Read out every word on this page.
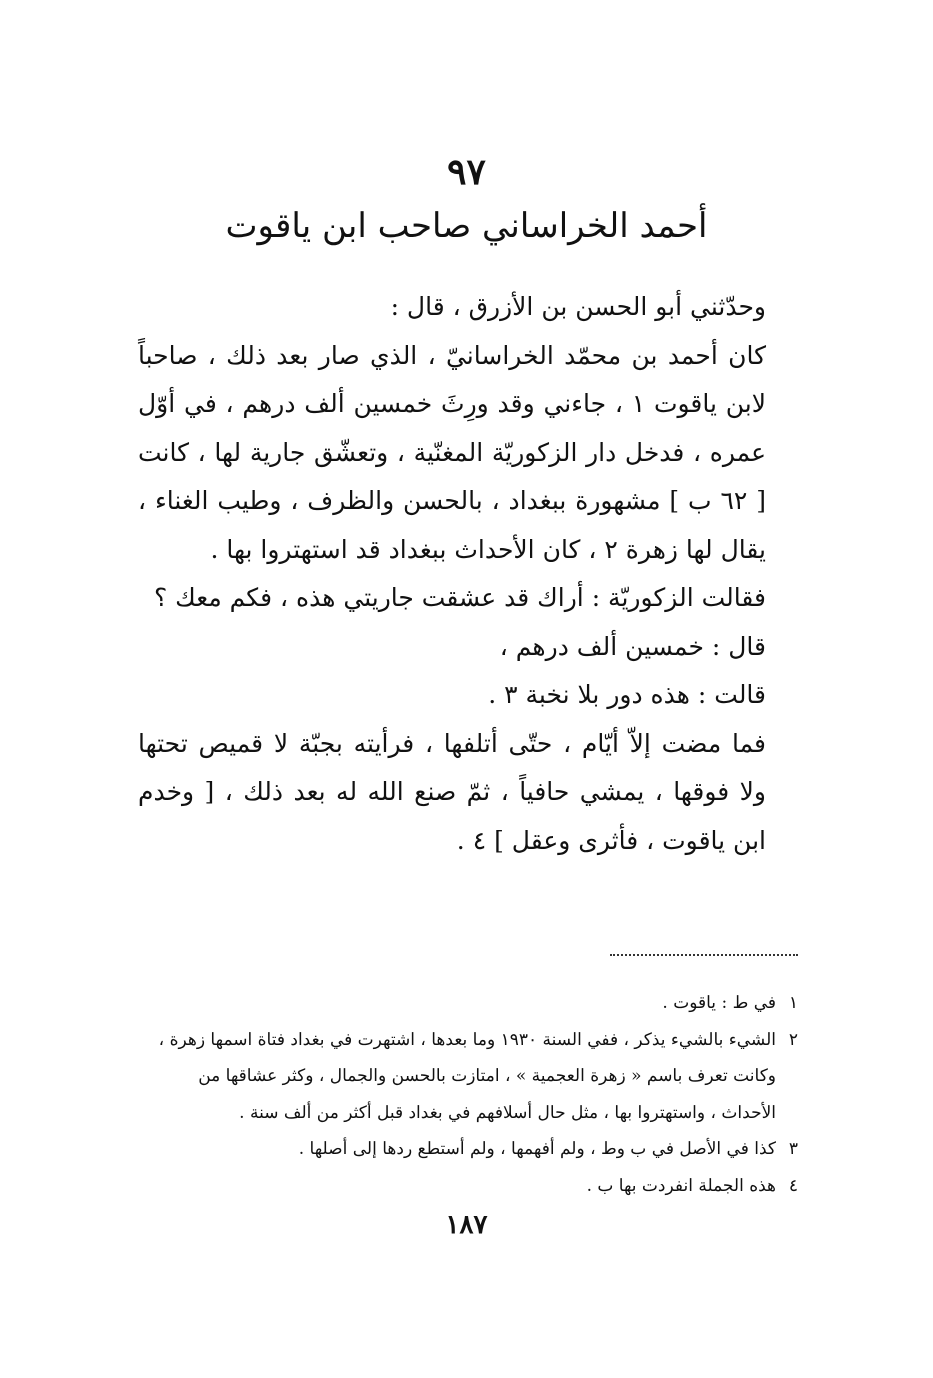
٩٧
أحمد الخراساني صاحب ابن ياقوت

وحدّثني أبو الحسن بن الأزرق ، قال :

كان أحمد بن محمّد الخراسانيّ ، الذي صار بعد ذلك ، صاحباً لابن ياقوت ١ ، جاءني وقد ورِثَ خمسين ألف درهم ، في أوّل عمره ، فدخل دار الزكوريّة المغنّية ، وتعشّق جارية لها ، كانت [ ٦٢ ب ] مشهورة ببغداد ، بالحسن والظرف ، وطيب الغناء ، يقال لها زهرة ٢ ، كان الأحداث ببغداد قد استهتروا بها .

فقالت الزكوريّة : أراك قد عشقت جاريتي هذه ، فكم معك ؟

قال : خمسين ألف درهم ،

قالت : هذه دور بلا نخبة ٣ .

فما مضت إلاّ أيّام ، حتّى أتلفها ، فرأيته بجبّة لا قميص تحتها ولا فوقها ، يمشي حافياً ، ثمّ صنع الله له بعد ذلك ، [ وخدم ابن ياقوت ، فأثرى وعقل ] ٤ .

١في ط : ياقوت .

٢الشيء بالشيء يذكر ، ففي السنة ١٩٣٠ وما بعدها ، اشتهرت في بغداد فتاة اسمها زهرة ،

وكانت تعرف باسم « زهرة العجمية » ، امتازت بالحسن والجمال ، وكثر عشاقها من

الأحداث ، واستهتروا بها ، مثل حال أسلافهم في بغداد قبل أكثر من ألف سنة .

٣كذا في الأصل في ب وط ، ولم أفهمها ، ولم أستطع ردها إلى أصلها .

٤هذه الجملة انفردت بها ب .

١٨٧
